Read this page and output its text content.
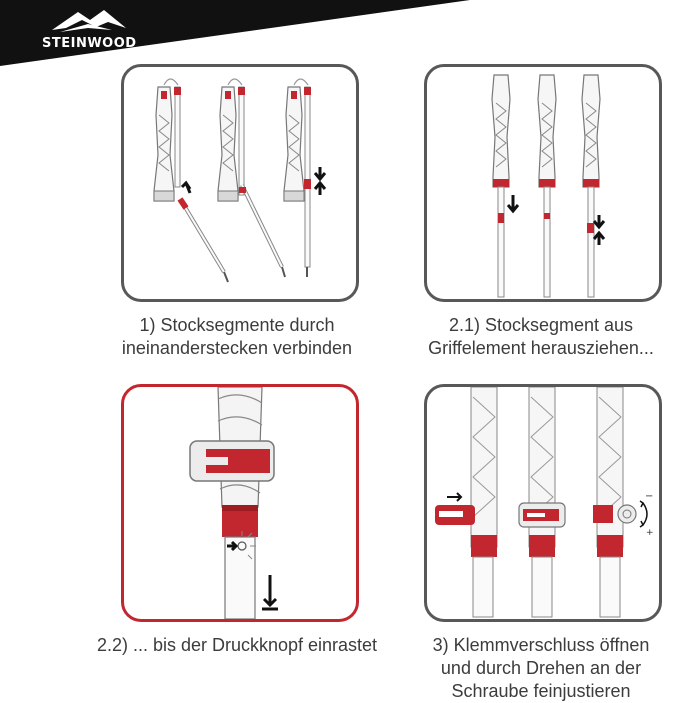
STEINWOOD
1) Stocksegmente durch
ineinanderstecken verbinden
2.1) Stocksegment aus
Griffelement herausziehen...
2.2) ... bis der Druckknopf einrastet
−
+
3) Klemmverschluss öffnen
und durch Drehen an der
Schraube feinjustieren
